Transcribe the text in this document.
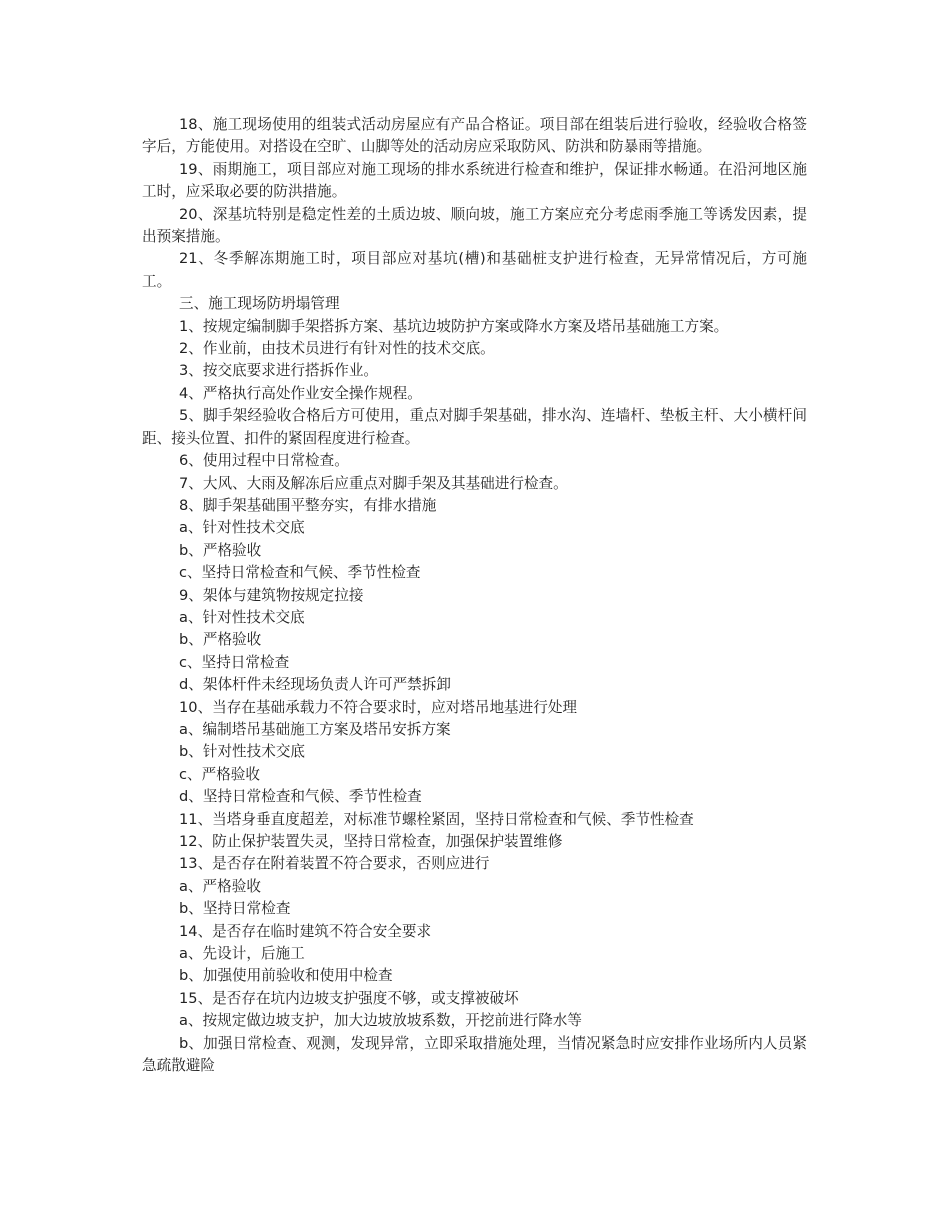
18、施工现场使用的组装式活动房屋应有产品合格证。项目部在组装后进行验收，经验收合格签字后，方能使用。对搭设在空旷、山脚等处的活动房应采取防风、防洪和防暴雨等措施。

19、雨期施工，项目部应对施工现场的排水系统进行检查和维护，保证排水畅通。在沿河地区施工时，应采取必要的防洪措施。

20、深基坑特别是稳定性差的土质边坡、顺向坡，施工方案应充分考虑雨季施工等诱发因素，提出预案措施。

21、冬季解冻期施工时，项目部应对基坑(槽)和基础桩支护进行检查，无异常情况后，方可施工。

三、施工现场防坍塌管理

1、按规定编制脚手架搭拆方案、基坑边坡防护方案或降水方案及塔吊基础施工方案。

2、作业前，由技术员进行有针对性的技术交底。

3、按交底要求进行搭拆作业。

4、严格执行高处作业安全操作规程。

5、脚手架经验收合格后方可使用，重点对脚手架基础，排水沟、连墙杆、垫板主杆、大小横杆间距、接头位置、扣件的紧固程度进行检查。

6、使用过程中日常检查。

7、大风、大雨及解冻后应重点对脚手架及其基础进行检查。

8、脚手架基础围平整夯实，有排水措施

a、针对性技术交底

b、严格验收

c、坚持日常检查和气候、季节性检查

9、架体与建筑物按规定拉接

a、针对性技术交底

b、严格验收

c、坚持日常检查

d、架体杆件未经现场负责人许可严禁拆卸

10、当存在基础承载力不符合要求时，应对塔吊地基进行处理

a、编制塔吊基础施工方案及塔吊安拆方案

b、针对性技术交底

c、严格验收

d、坚持日常检查和气候、季节性检查

11、当塔身垂直度超差，对标准节螺栓紧固，坚持日常检查和气候、季节性检查

12、防止保护装置失灵，坚持日常检查，加强保护装置维修

13、是否存在附着装置不符合要求，否则应进行

a、严格验收

b、坚持日常检查

14、是否存在临时建筑不符合安全要求

a、先设计，后施工

b、加强使用前验收和使用中检查

15、是否存在坑内边坡支护强度不够，或支撑被破坏

a、按规定做边坡支护，加大边坡放坡系数，开挖前进行降水等

b、加强日常检查、观测，发现异常，立即采取措施处理，当情况紧急时应安排作业场所内人员紧急疏散避险
